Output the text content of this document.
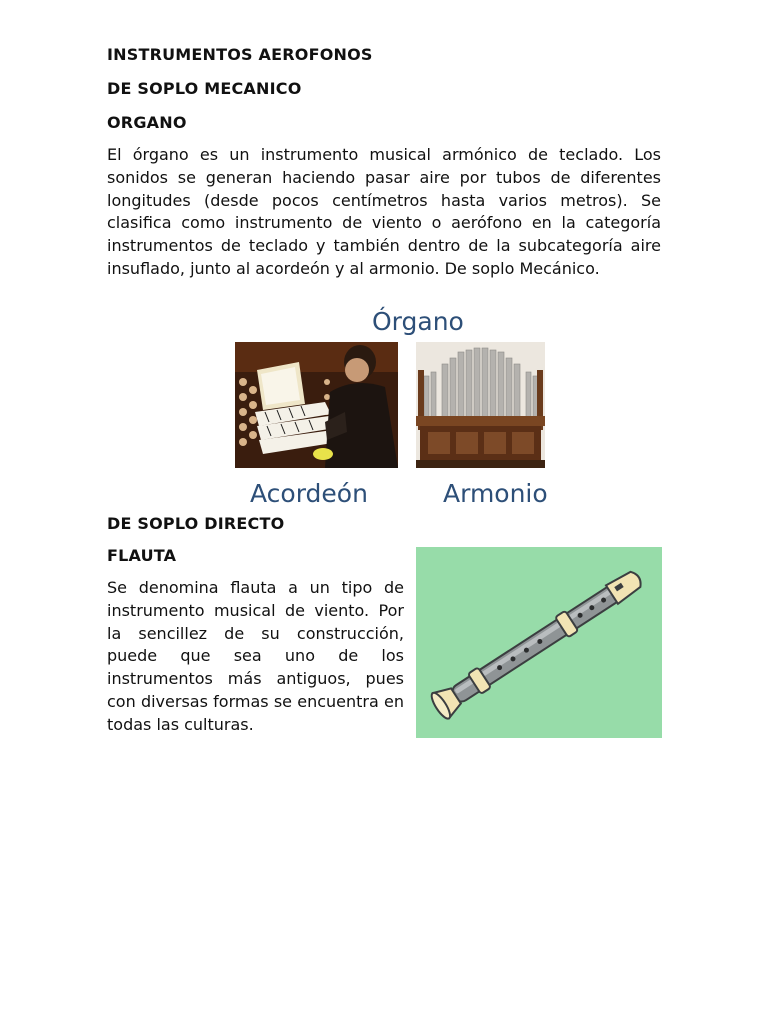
INSTRUMENTOS AEROFONOS
DE SOPLO MECANICO
ORGANO

El órgano es un instrumento musical armónico de teclado. Los sonidos se generan haciendo pasar aire por tubos de diferentes longitudes (desde pocos centímetros hasta varios metros). Se clasifica como instrumento de viento o aerófono en la categoría instrumentos de teclado y también dentro de la subcategoría aire insuflado, junto al acordeón y al armonio. De soplo Mecánico.

Órgano
Acordeón	Armonio
DE SOPLO DIRECTO
FLAUTA

Se denomina flauta a un tipo de instrumento musical de viento. Por la sencillez de su construcción, puede que sea uno de los instrumentos más antiguos, pues con diversas formas se encuentra en todas las culturas.
